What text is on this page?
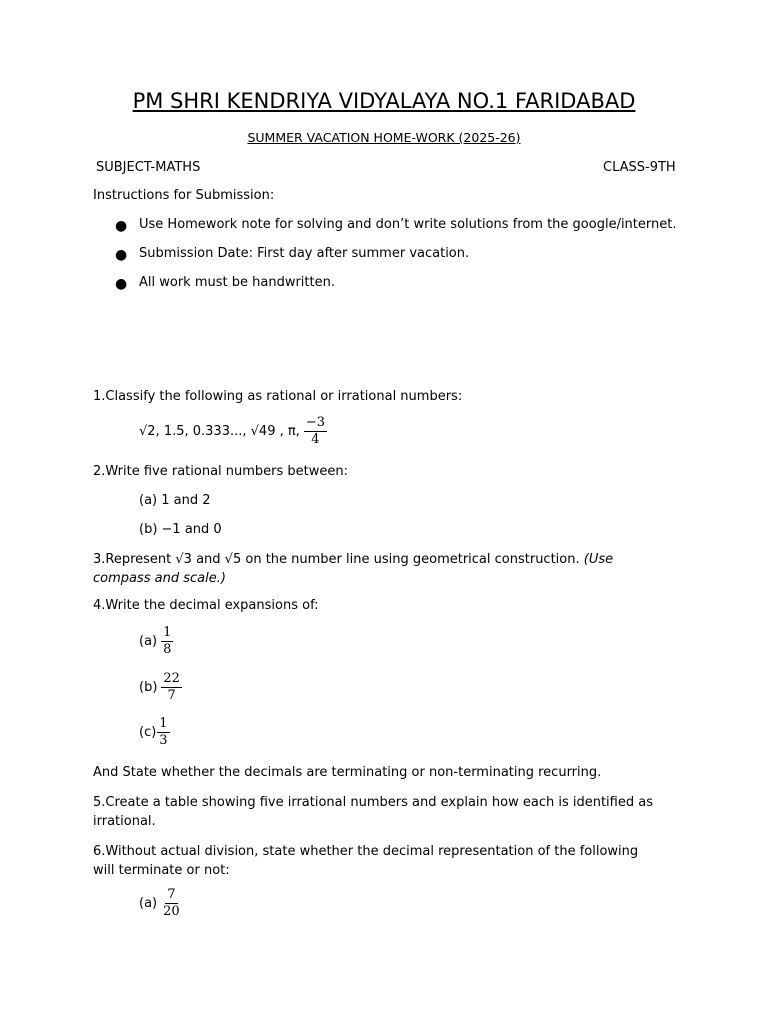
PM SHRI KENDRIYA VIDYALAYA NO.1 FARIDABAD
SUMMER VACATION HOME-WORK (2025-26)
SUBJECT-MATHS	CLASS-9TH
Instructions for Submission:
● Use Homework note for solving and don’t write solutions from the google/internet.
● Submission Date: First day after summer vacation.
● All work must be handwritten.
1.Classify the following as rational or irrational numbers:
√2, 1.5, 0.333..., √49 , π, $\frac{-3}{4}$
2.Write five rational numbers between:
(a) 1 and 2
(b) −1 and 0
3.Represent √3 and √5 on the number line using geometrical construction. (Use compass and scale.)
4.Write the decimal expansions of:
$(a) \frac{1}{8}$
$(b) \frac{22}{7}$
$(c) \frac{1}{3}$
And State whether the decimals are terminating or non-terminating recurring.
5.Create a table showing five irrational numbers and explain how each is identified as irrational.
6.Without actual division, state whether the decimal representation of the following will terminate or not:
$(a) \frac{7}{20}$
